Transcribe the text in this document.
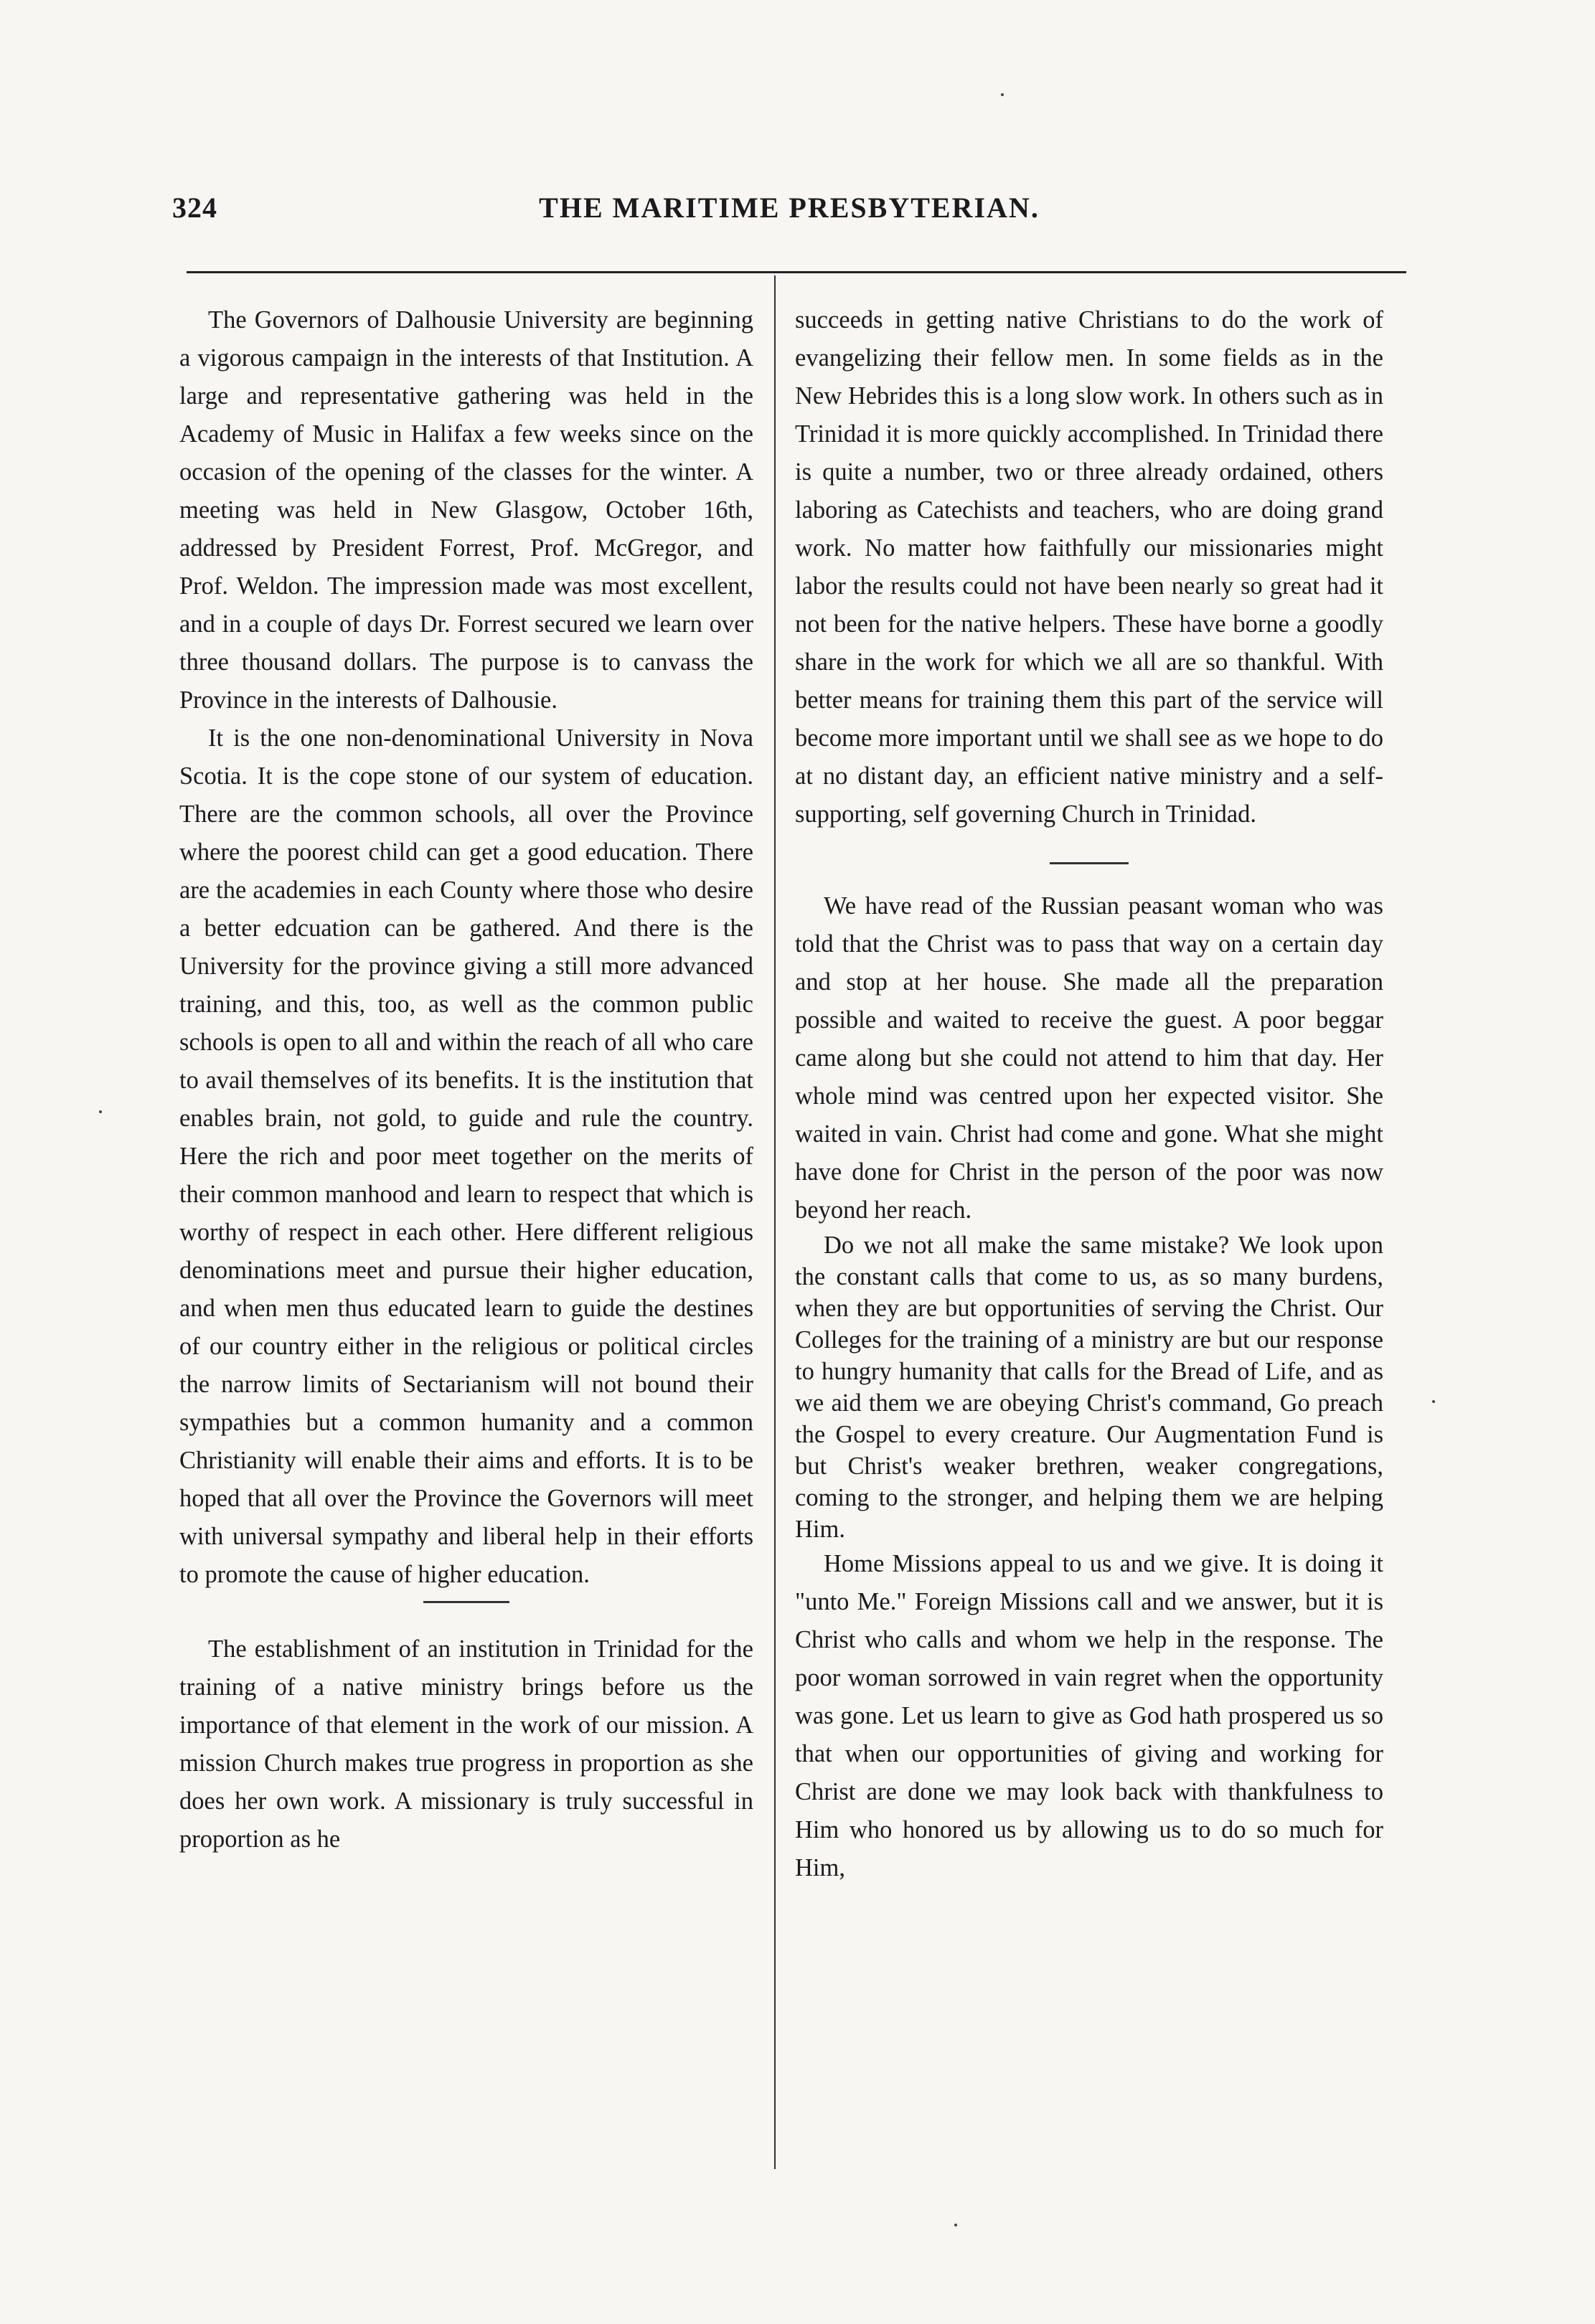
324	THE MARITIME PRESBYTERIAN.

The Governors of Dalhousie University are beginning a vigorous campaign in the interests of that Institution. A large and representative gathering was held in the Academy of Music in Halifax a few weeks since on the occasion of the opening of the classes for the winter. A meeting was held in New Glasgow, October 16th, addressed by President Forrest, Prof. McGregor, and Prof. Weldon. The impression made was most excellent, and in a couple of days Dr. Forrest secured we learn over three thousand dollars. The purpose is to canvass the Province in the interests of Dalhousie.

It is the one non-denominational University in Nova Scotia. It is the cope stone of our system of education. There are the common schools, all over the Province where the poorest child can get a good education. There are the academies in each County where those who desire a better edcuation can be gathered. And there is the University for the province giving a still more advanced training, and this, too, as well as the common public schools is open to all and within the reach of all who care to avail themselves of its benefits. It is the institution that enables brain, not gold, to guide and rule the country. Here the rich and poor meet together on the merits of their common manhood and learn to respect that which is worthy of respect in each other. Here different religious denominations meet and pursue their higher education, and when men thus educated learn to guide the destines of our country either in the religious or political circles the narrow limits of Sectarianism will not bound their sympathies but a common humanity and a common Christianity will enable their aims and efforts. It is to be hoped that all over the Province the Governors will meet with universal sympathy and liberal help in their efforts to promote the cause of higher education.

The establishment of an institution in Trinidad for the training of a native ministry brings before us the importance of that element in the work of our mission. A mission Church makes true progress in proportion as she does her own work. A missionary is truly successful in proportion as he

succeeds in getting native Christians to do the work of evangelizing their fellow men. In some fields as in the New Hebrides this is a long slow work. In others such as in Trinidad it is more quickly accomplished. In Trinidad there is quite a number, two or three already ordained, others laboring as Catechists and teachers, who are doing grand work. No matter how faithfully our missionaries might labor the results could not have been nearly so great had it not been for the native helpers. These have borne a goodly share in the work for which we all are so thankful. With better means for training them this part of the service will become more important until we shall see as we hope to do at no distant day, an efficient native ministry and a self-supporting, self governing Church in Trinidad.

We have read of the Russian peasant woman who was told that the Christ was to pass that way on a certain day and stop at her house. She made all the preparation possible and waited to receive the guest. A poor beggar came along but she could not attend to him that day. Her whole mind was centred upon her expected visitor. She waited in vain. Christ had come and gone. What she might have done for Christ in the person of the poor was now beyond her reach.

Do we not all make the same mistake? We look upon the constant calls that come to us, as so many burdens, when they are but opportunities of serving the Christ. Our Colleges for the training of a ministry are but our response to hungry humanity that calls for the Bread of Life, and as we aid them we are obeying Christ's command, Go preach the Gospel to every creature. Our Augmentation Fund is but Christ's weaker brethren, weaker congregations, coming to the stronger, and helping them we are helping Him.

Home Missions appeal to us and we give. It is doing it "unto Me." Foreign Missions call and we answer, but it is Christ who calls and whom we help in the response. The poor woman sorrowed in vain regret when the opportunity was gone. Let us learn to give as God hath prospered us so that when our opportunities of giving and working for Christ are done we may look back with thankfulness to Him who honored us by allowing us to do so much for Him,
